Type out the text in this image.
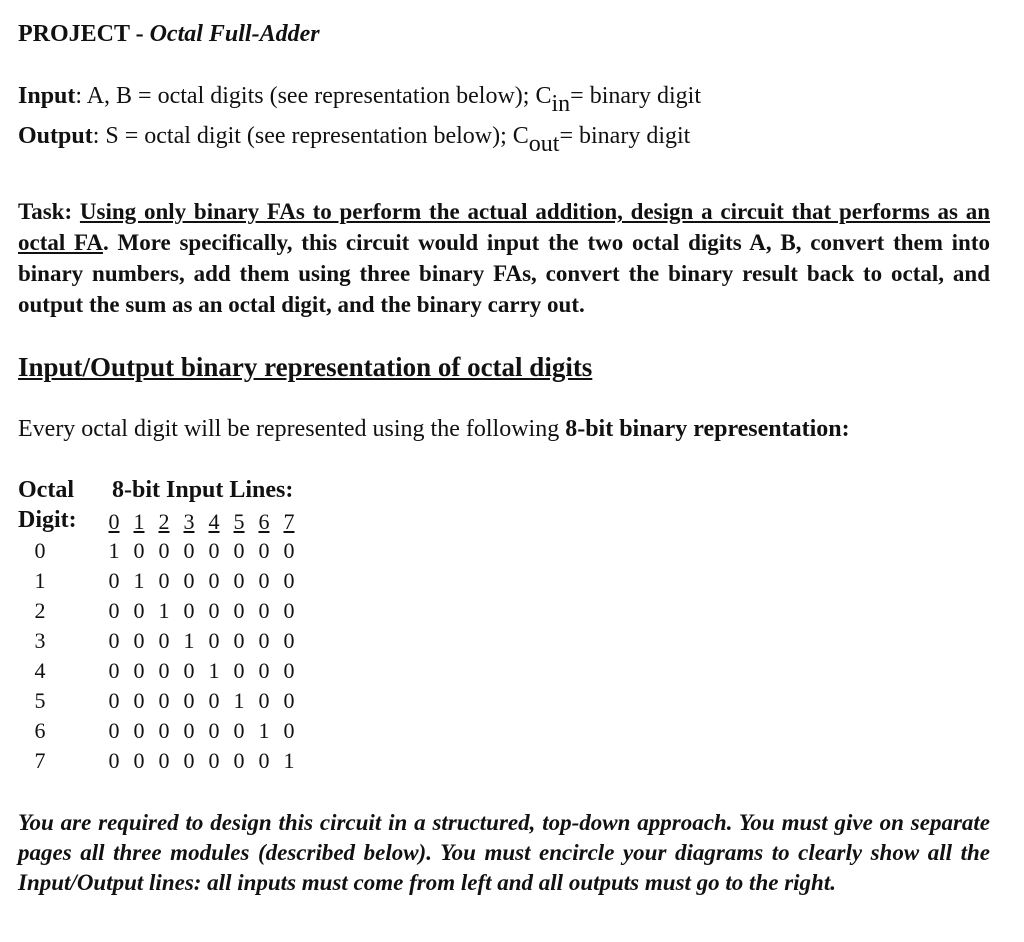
PROJECT - Octal Full-Adder
Input: A, B = octal digits (see representation below); Cin= binary digit
Output: S = octal digit (see representation below); Cout= binary digit
Task: Using only binary FAs to perform the actual addition, design a circuit that performs as an octal FA. More specifically, this circuit would input the two octal digits A, B, convert them into binary numbers, add them using three binary FAs, convert the binary result back to octal, and output the sum as an octal digit, and the binary carry out.
Input/Output binary representation of octal digits
Every octal digit will be represented using the following 8-bit binary representation:
Octal
Digit:
8-bit Input Lines:
0 1 2 3 4 5 6 7
0	1 0 0 0 0 0 0 0
1	0 1 0 0 0 0 0 0
2	0 0 1 0 0 0 0 0
3	0 0 0 1 0 0 0 0
4	0 0 0 0 1 0 0 0
5	0 0 0 0 0 1 0 0
6	0 0 0 0 0 0 1 0
7	0 0 0 0 0 0 0 1
You are required to design this circuit in a structured, top-down approach. You must give on separate pages all three modules (described below). You must encircle your diagrams to clearly show all the Input/Output lines: all inputs must come from left and all outputs must go to the right.
